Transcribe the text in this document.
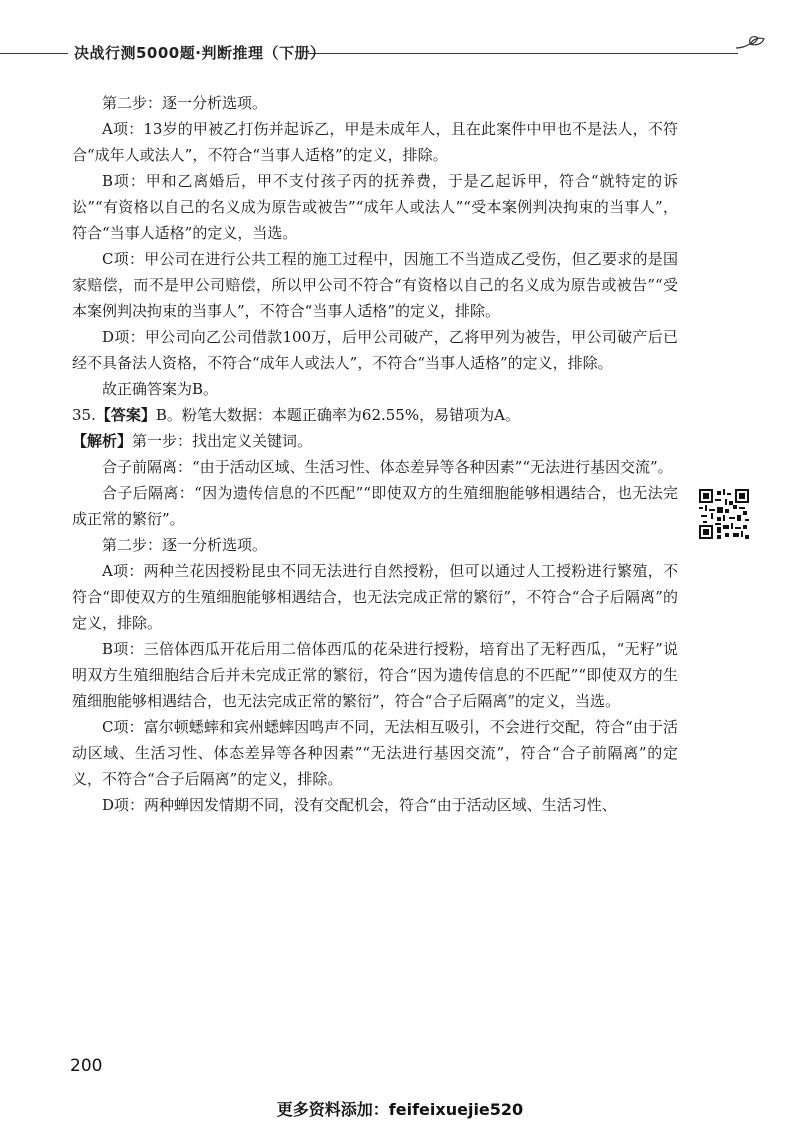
决战行测5000题·判断推理（下册）

第二步：逐一分析选项。

A项：13岁的甲被乙打伤并起诉乙，甲是未成年人，且在此案件中甲也不是法人，不符合“成年人或法人”，不符合“当事人适格”的定义，排除。

B项：甲和乙离婚后，甲不支付孩子丙的抚养费，于是乙起诉甲，符合“就特定的诉讼”“有资格以自己的名义成为原告或被告”“成年人或法人”“受本案例判决拘束的当事人”，符合“当事人适格”的定义，当选。

C项：甲公司在进行公共工程的施工过程中，因施工不当造成乙受伤，但乙要求的是国家赔偿，而不是甲公司赔偿，所以甲公司不符合“有资格以自己的名义成为原告或被告”“受本案例判决拘束的当事人”，不符合“当事人适格”的定义，排除。

D项：甲公司向乙公司借款100万，后甲公司破产，乙将甲列为被告，甲公司破产后已经不具备法人资格，不符合“成年人或法人”，不符合“当事人适格”的定义，排除。

故正确答案为B。

35.【答案】B。粉笔大数据：本题正确率为62.55%，易错项为A。

【解析】第一步：找出定义关键词。

合子前隔离：“由于活动区域、生活习性、体态差异等各种因素”“无法进行基因交流”。

合子后隔离：“因为遗传信息的不匹配”“即使双方的生殖细胞能够相遇结合，也无法完成正常的繁衍”。

第二步：逐一分析选项。

A项：两种兰花因授粉昆虫不同无法进行自然授粉，但可以通过人工授粉进行繁殖，不符合“即使双方的生殖细胞能够相遇结合，也无法完成正常的繁衍”，不符合“合子后隔离”的定义，排除。

B项：三倍体西瓜开花后用二倍体西瓜的花朵进行授粉，培育出了无籽西瓜，“无籽”说明双方生殖细胞结合后并未完成正常的繁衍，符合“因为遗传信息的不匹配”“即使双方的生殖细胞能够相遇结合，也无法完成正常的繁衍”，符合“合子后隔离”的定义，当选。

C项：富尔顿蟋蟀和宾州蟋蟀因鸣声不同，无法相互吸引，不会进行交配，符合“由于活动区域、生活习性、体态差异等各种因素”“无法进行基因交流”，符合“合子前隔离”的定义，不符合“合子后隔离”的定义，排除。

D项：两种蝉因发情期不同，没有交配机会，符合“由于活动区域、生活习性、

200
更多资料添加：feifeixuejie520
